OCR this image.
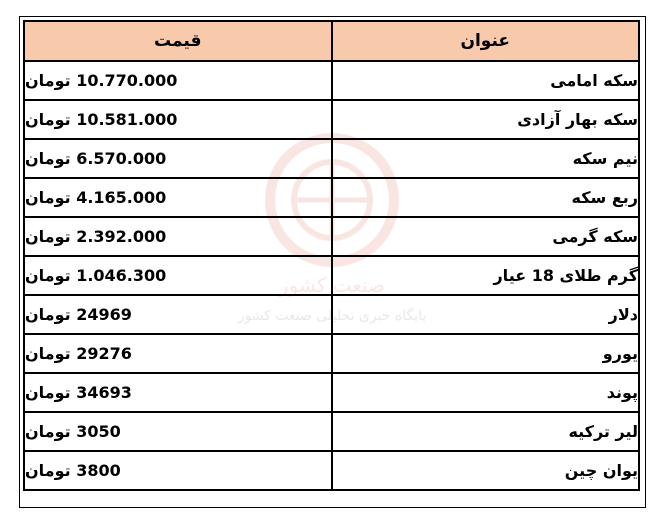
صنعت کشور
پایگاه خبری تحلیلی صنعت کشور
عنوان	قیمت
سکه امامی	10.770.000 تومان
سکه بهار آزادی	10.581.000 تومان
نیم سکه	6.570.000 تومان
ربع سکه	4.165.000 تومان
سکه گرمی	2.392.000 تومان
گرم طلای 18 عیار	1.046.300 تومان
دلار	24969 تومان
یورو	29276 تومان
پوند	34693 تومان
لیر ترکیه	3050 تومان
یوان چین	3800 تومان
